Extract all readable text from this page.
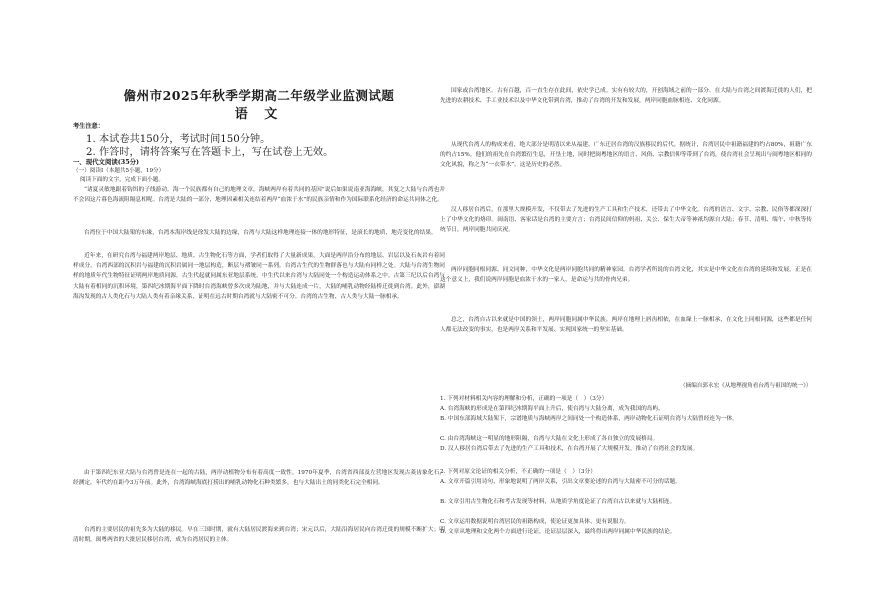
儋州市2025年秋季学期高二年级学业监测试题
语 文
考生注意：
1. 本试卷共150分，考试时间150分钟。
2. 作答时，请将答案写在答题卡上，写在试卷上无效。
一、现代文阅读(35分)
（一）阅读Ⅰ（本题共5小题，19分）
阅读下面的文字，完成下面小题。
“诸夏灵敏地跟着钩饵的子线游动。海一个民族都有自己的地理文章，海峡两岸有着共同的基因”说后如果说南亚海海峡。其复之大陆与台湾也并不会因这片暮色海流阻隔息相呢。台湾是大陆的一部分，地理因素相关连结着两岸“血浓于水”的民族亲情和作为国际联系化经济的命运共同体之化。
台湾位于中国大陆架的东缘，台湾本海岸线是徐发大陆的边缘，台湾与大陆这样地理连接一体的地形特征，是滚长的地质、地壳变化的结果。
近年来，在研究台湾与福建两岸地层、地质、古生物化石等方面，学者们取得了大量新成果。大面是两岸沿分布的地层、岩层以及石灰岩有着同样成分，台湾西部的沉积岩与福建的沉积岩属同一地层构造，断层与褶皱同一系列。台湾古生代的生物群落也与大陆有同样之处。大陆与台湾生物同样的地质年代生物特征证明两岸地质同源。古生代起就同属东亚地层系统，中生代以来台湾与大陆同处一个构造运动体系之中。古第三纪以后台湾与大陆有着相同的沉积环境，第四纪冰期海平面下降时台湾海峡曾多次成为陆地，并与大陆连成一片，大陆的哺乳动物经陆桥迁徙到台湾。此外，澎湖海沟发现的古人类化石与大陆人类有着亲缘关系，证明在远古时期台湾就与大陆密不可分。台湾的古生物、古人类与大陆一脉相承。
由于第四纪东亚大陆与台湾曾是连在一起的古陆，两岸动植物分布有着高度一致性。1970年夏季，台湾省西部及左营地区发现古菱齿象化石，经测定，年代约在距今3万年前。此外，台湾海峡海底打捞出的哺乳动物化石种类繁多，也与大陆出土的同类化石完全相同。
台湾的主要居民的祖先多为大陆的移民。早在三国时期，就有大陆居民渡海来到台湾；宋元以后，大陆沿海居民向台湾迁徙的规模不断扩大；明清时期，闽粤两省的大批居民移居台湾，成为台湾居民的主体。
国家或台湾地区。古有百越，百一直生存在此间，依史学已成。实有有较大的，开创海域之前的一部分。在大陆与台湾之间渡海迁徙的人们，把先进的农耕技术、手工业技术以及中华文化带到台湾，推动了台湾的开发和发展，两岸同胞血脉相连、文化同源。
从现代台湾人的构成来看，绝大部分是明清以来从福建、广东迁居台湾的汉族移民的后代。据统计，台湾居民中祖籍福建的约占80%，祖籍广东的约占15%。他们的祖先在台湾繁衍生息，开垦土地，同时把闽粤地区的语言、风俗、宗教信仰等带到了台湾，使台湾社会呈现出与闽粤地区相同的文化风貌，称之为“一衣带水”，这是历史的必然。
汉人移居台湾后，在那里大规模开发，不仅带去了先进的生产工具和生产技术，还带去了中华文化。台湾的语言、文字、宗教、民俗等都深深打上了中华文化的烙印。闽南语、客家话是台湾的主要方言；台湾民间信仰的妈祖、关公、保生大帝等神祇均源自大陆；春节、清明、端午、中秋等传统节日，两岸同胞共同庆祝。
两岸同胞同根同源、同文同种，中华文化是两岸同胞共同的精神家园。台湾学者所说的台湾文化，其实是中华文化在台湾的延续和发展。正是在这个意义上，我们说两岸同胞是血浓于水的一家人，是命运与共的骨肉兄弟。
总之，台湾自古以来就是中国的领土，两岸同胞同属中华民族。两岸在地理上唇齿相依，在血缘上一脉相承，在文化上同根同源，这些都是任何人都无法改变的事实，也是两岸关系和平发展、实现国家统一的坚实基础。
（摘编自郭永宏《从地理视角看台湾与祖国的统一》）
1. 下列对材料相关内容的理解和分析，正确的一项是（　）（3分）
A. 台湾海峡的形成是在第四纪冰期海平面上升后，使台湾与大陆分离，成为我国的岛屿。
B. 中国东部海域大陆架下，宗谱地质与海峡两岸之间同处一个构造体系，两岸动物化石证明台湾与大陆曾经连为一体。
C. 由台湾海峡这一明显的地形阻隔，台湾与大陆在文化上形成了各自独立的发展格局。
D. 汉人移居台湾后带去了先进的生产工具和技术，在台湾开展了大规模开发，推动了台湾社会的发展。
2. 下列对原文论证的相关分析，不正确的一项是（　）（3分）
A. 文章开篇引用诗句，形象地说明了两岸关系，引出文章要论述的台湾与大陆密不可分的话题。
B. 文章引用古生物化石和考古发现等材料，从地质学角度论证了台湾自古以来就与大陆相连。
C. 文章运用数据说明台湾居民的祖籍构成，使论证更加具体、更有说服力。
D. 文章从地理和文化两个方面进行论证，论证层层深入，最终得出两岸同属中华民族的结论。
